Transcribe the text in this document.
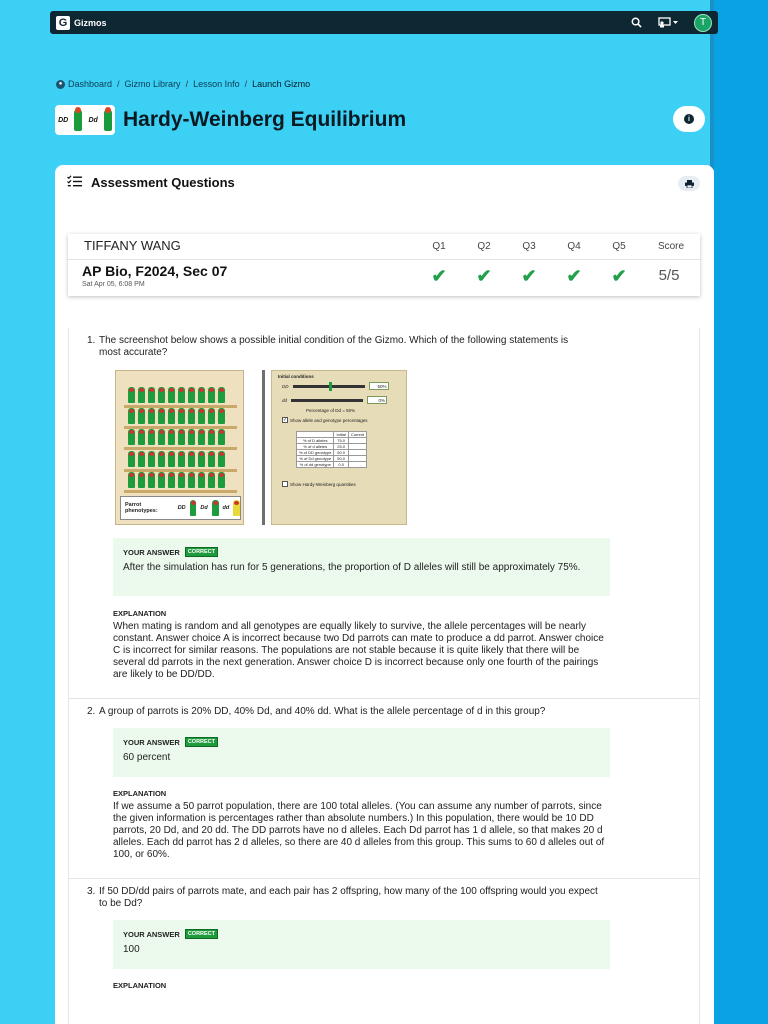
G Gizmos	T
● Dashboard / Gizmo Library / Lesson Info / Launch Gizmo
DD	Dd Hardy-Weinberg Equilibrium	i
Assessment Questions
TIFFANY WANG
AP Bio, F2024, Sec 07
Sat Apr 05, 6:08 PM
Q1	Q2	Q3	Q4	Q5	Score
✔	✔	✔	✔	✔	5/5
1. The screenshot below shows a possible initial condition of the Gizmo. Which of the following statements is most accurate?
Parrot phenotypes:	DD	Dd	dd
Initial conditions
DD	50%
dd	0%
Percentage of Dd = 50%
✓ Show allele and genotype percentages
	Initial	Current
% of D alleles	75.0	
% of d alleles	25.0	
% of DD genotype	50.0	
% of Dd genotype	50.0	
% of dd genotype	0.0	
Show Hardy-Weinberg quantities
YOUR ANSWER	CORRECT
After the simulation has run for 5 generations, the proportion of D alleles will still be approximately 75%.
EXPLANATION
When mating is random and all genotypes are equally likely to survive, the allele percentages will be nearly constant. Answer choice A is incorrect because two Dd parrots can mate to produce a dd parrot. Answer choice C is incorrect for similar reasons. The populations are not stable because it is quite likely that there will be several dd parrots in the next generation. Answer choice D is incorrect because only one fourth of the pairings are likely to be DD/DD.
2. A group of parrots is 20% DD, 40% Dd, and 40% dd. What is the allele percentage of d in this group?
YOUR ANSWER	CORRECT
60 percent
EXPLANATION
If we assume a 50 parrot population, there are 100 total alleles. (You can assume any number of parrots, since the given information is percentages rather than absolute numbers.) In this population, there would be 10 DD parrots, 20 Dd, and 20 dd. The DD parrots have no d alleles. Each Dd parrot has 1 d allele, so that makes 20 d alleles. Each dd parrot has 2 d alleles, so there are 40 d alleles from this group. This sums to 60 d alleles out of 100, or 60%.
3. If 50 DD/dd pairs of parrots mate, and each pair has 2 offspring, how many of the 100 offspring would you expect to be Dd?
YOUR ANSWER	CORRECT
100
EXPLANATION
